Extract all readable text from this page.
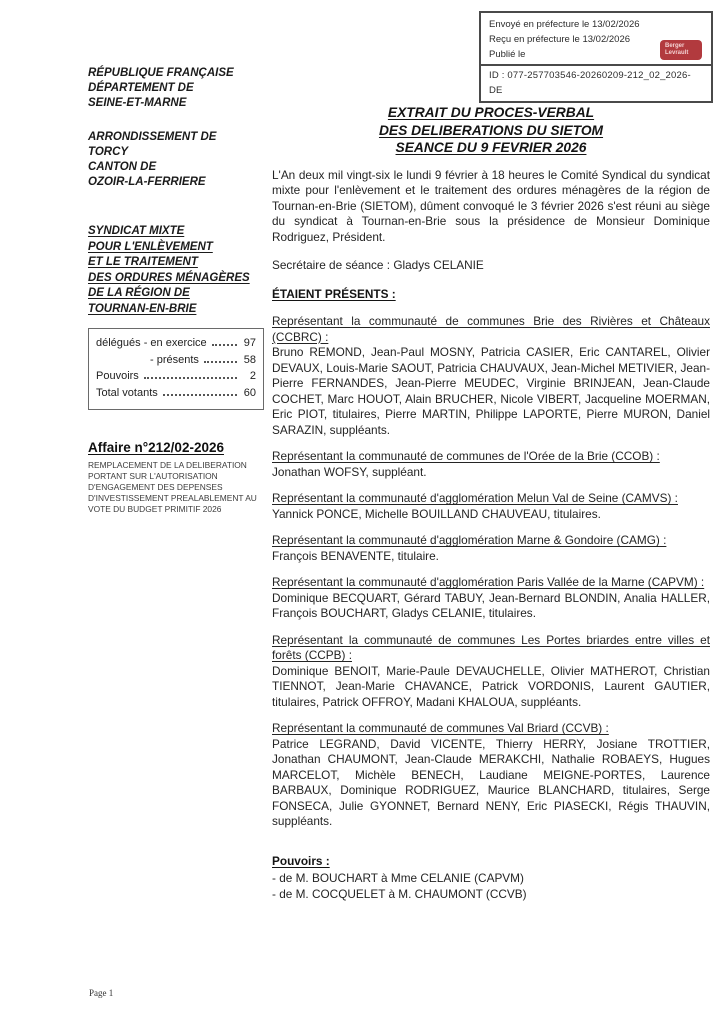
Envoyé en préfecture le 13/02/2026
Reçu en préfecture le 13/02/2026
Publié le
ID : 077-257703546-20260209-212_02_2026-DE
Berger Levrault
RÉPUBLIQUE FRANÇAISE
DÉPARTEMENT DE
SEINE-ET-MARNE
ARRONDISSEMENT DE
TORCY
CANTON DE
OZOIR-LA-FERRIERE
SYNDICAT MIXTE
POUR L'ENLÈVEMENT
ET LE TRAITEMENT
DES ORDURES MÉNAGÈRES
DE LA RÉGION DE
TOURNAN-EN-BRIE
délégués - en exercice	97
- présents	58
Pouvoirs	2
Total votants	60
Affaire n°212/02-2026
REMPLACEMENT DE LA DELIBERATION PORTANT SUR L'AUTORISATION D'ENGAGEMENT DES DEPENSES D'INVESTISSEMENT PREALABLEMENT AU VOTE DU BUDGET PRIMITIF 2026
EXTRAIT DU PROCES-VERBAL
DES DELIBERATIONS DU SIETOM
SEANCE DU 9 FEVRIER 2026

L'An deux mil vingt-six le lundi 9 février à 18 heures le Comité Syndical du syndicat mixte pour l'enlèvement et le traitement des ordures ménagères de la région de Tournan-en-Brie (SIETOM), dûment convoqué le 3 février 2026 s'est réuni au siège du syndicat à Tournan-en-Brie sous la présidence de Monsieur Dominique Rodriguez, Président.

Secrétaire de séance : Gladys CELANIE
ÉTAIENT PRÉSENTS :
Représentant la communauté de communes Brie des Rivières et Châteaux (CCBRC) :
Bruno REMOND, Jean-Paul MOSNY, Patricia CASIER, Eric CANTAREL, Olivier DEVAUX, Louis-Marie SAOUT, Patricia CHAUVAUX, Jean-Michel METIVIER, Jean-Pierre FERNANDES, Jean-Pierre MEUDEC, Virginie BRINJEAN, Jean-Claude COCHET, Marc HOUOT, Alain BRUCHER, Nicole VIBERT, Jacqueline MOERMAN, Eric PIOT, titulaires, Pierre MARTIN, Philippe LAPORTE, Pierre MURON, Daniel SARAZIN, suppléants.
Représentant la communauté de communes de l'Orée de la Brie (CCOB) :
Jonathan WOFSY, suppléant.
Représentant la communauté d'agglomération Melun Val de Seine (CAMVS) :
Yannick PONCE, Michelle BOUILLAND CHAUVEAU, titulaires.
Représentant la communauté d'agglomération Marne & Gondoire (CAMG) :
François BENAVENTE, titulaire.
Représentant la communauté d'agglomération Paris Vallée de la Marne (CAPVM) :
Dominique BECQUART, Gérard TABUY, Jean-Bernard BLONDIN, Analia HALLER, François BOUCHART, Gladys CELANIE, titulaires.
Représentant la communauté de communes Les Portes briardes entre villes et forêts (CCPB) :
Dominique BENOIT, Marie-Paule DEVAUCHELLE, Olivier MATHEROT, Christian TIENNOT, Jean-Marie CHAVANCE, Patrick VORDONIS, Laurent GAUTIER, titulaires, Patrick OFFROY, Madani KHALOUA, suppléants.
Représentant la communauté de communes Val Briard (CCVB) :
Patrice LEGRAND, David VICENTE, Thierry HERRY, Josiane TROTTIER, Jonathan CHAUMONT, Jean-Claude MERAKCHI, Nathalie ROBAEYS, Hugues MARCELOT, Michèle BENECH, Laudiane MEIGNE-PORTES, Laurence BARBAUX, Dominique RODRIGUEZ, Maurice BLANCHARD, titulaires, Serge FONSECA, Julie GYONNET, Bernard NENY, Eric PIASECKI, Régis THAUVIN, suppléants.
Pouvoirs :
- de M. BOUCHART à Mme CELANIE (CAPVM)
- de M. COCQUELET à M. CHAUMONT (CCVB)
Page 1
